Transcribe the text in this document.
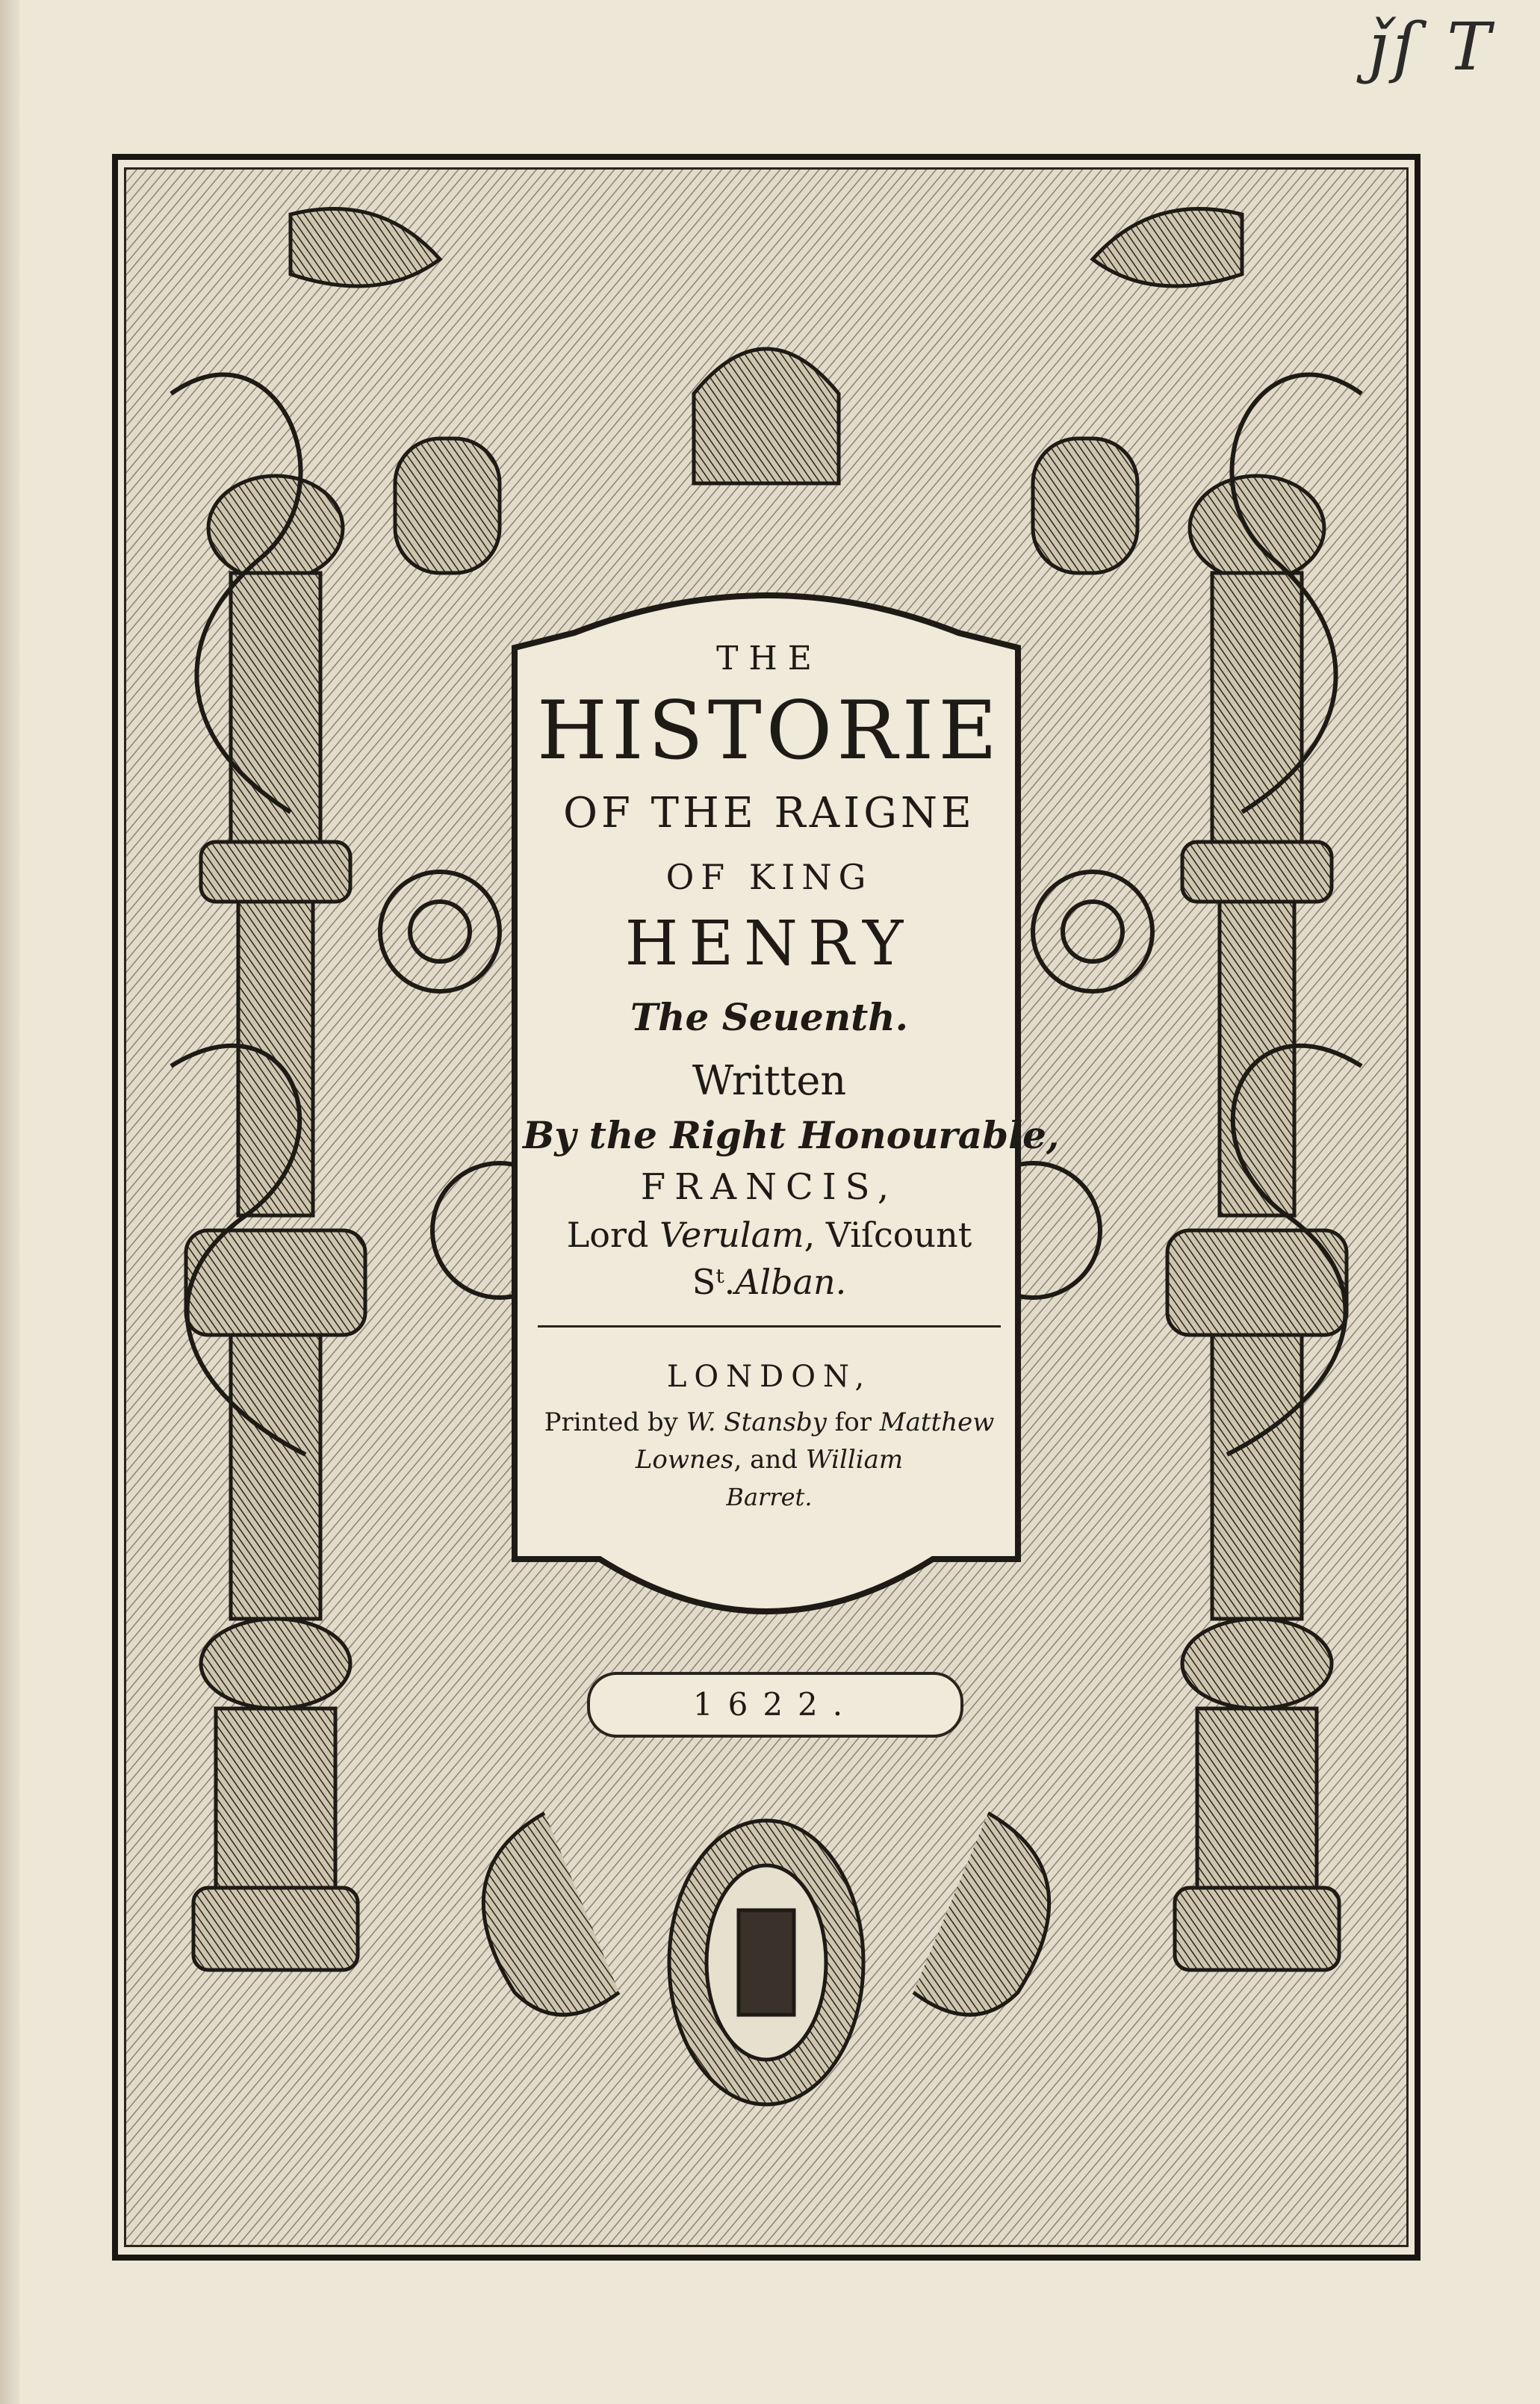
ǰſ T
THE
HISTORIE
OF THE RAIGNE
OF KING
HENRY
The Seuenth.
Written
By the Right Honourable,
FRANCIS,
Lord Verulam, Viſcount
Sᵗ.Alban.
LONDON,
Printed by W. Stansby for Matthew
Lownes, and William
Barret.
1622.
